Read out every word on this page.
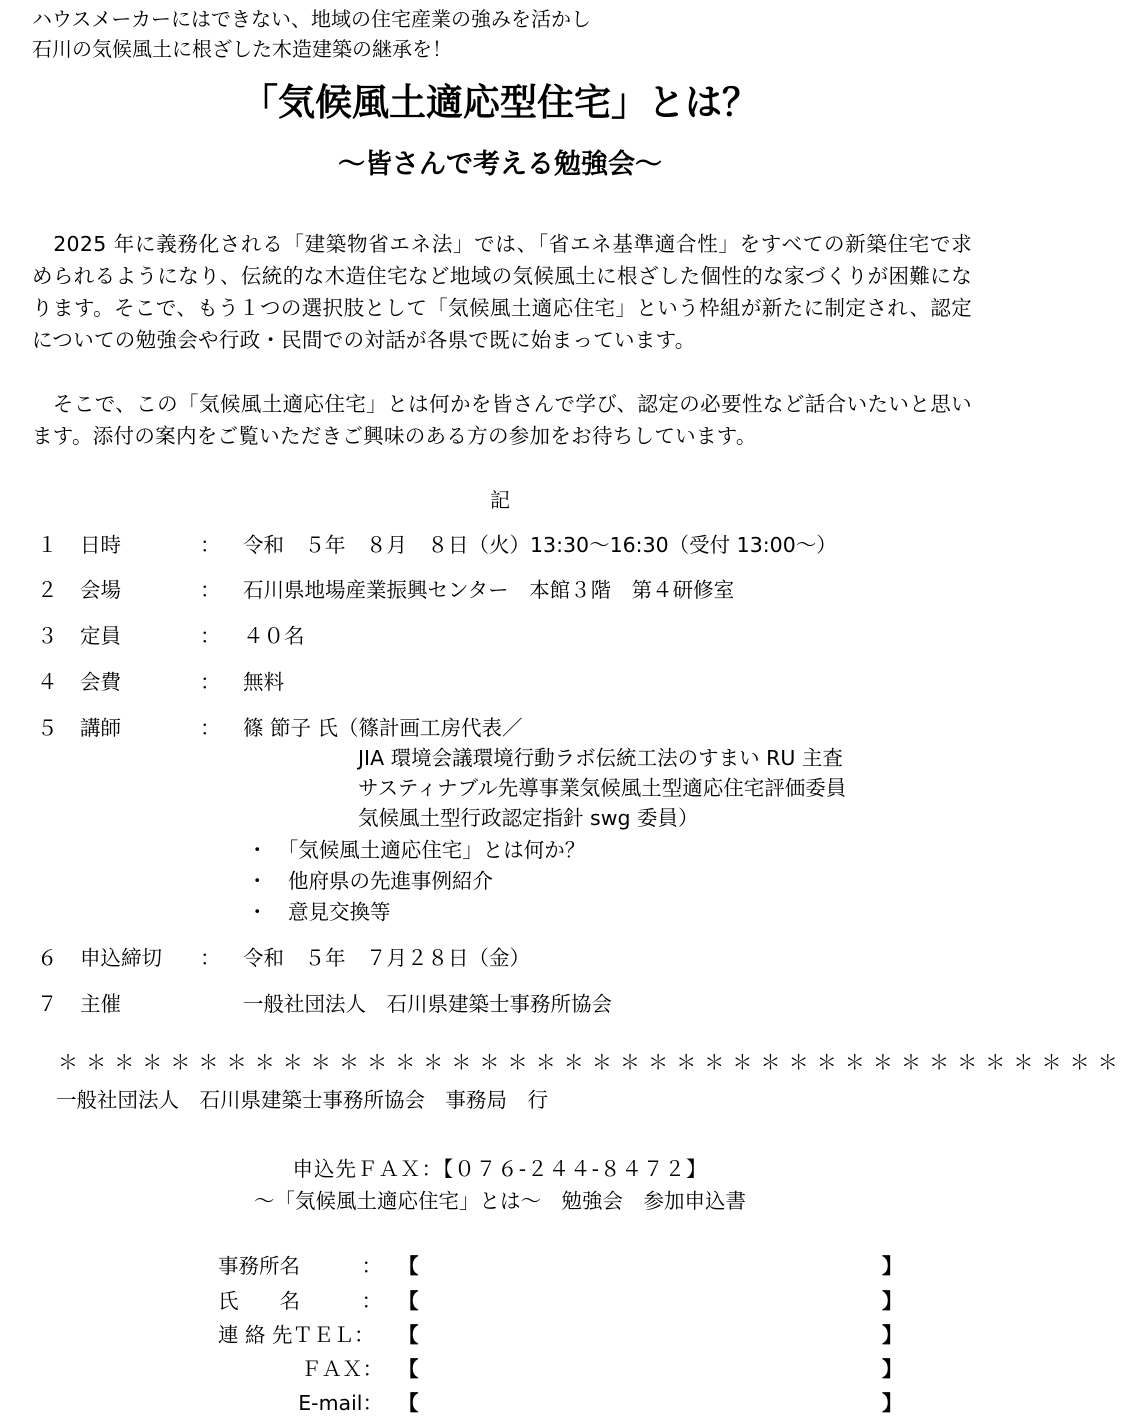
ハウスメーカーにはできない、地域の住宅産業の強みを活かし
石川の気候風土に根ざした木造建築の継承を！
「気候風土適応型住宅」とは？
～皆さんで考える勉強会～
　2025 年に義務化される「建築物省エネ法」では、「省エネ基準適合性」をすべての新築住宅で求められるようになり、伝統的な木造住宅など地域の気候風土に根ざした個性的な家づくりが困難になります。そこで、もう１つの選択肢として「気候風土適応住宅」という枠組が新たに制定され、認定についての勉強会や行政・民間での対話が各県で既に始まっています。
　そこで、この「気候風土適応住宅」とは何かを皆さんで学び、認定の必要性など話合いたいと思います。添付の案内をご覧いただきご興味のある方の参加をお待ちしています。
記
１ 日時	： 令和　５年　８月　８日（火）13:30～16:30（受付 13:00～）
２ 会場	： 石川県地場産業振興センター　本館３階　第４研修室
３ 定員	： ４０名
４ 会費	： 無料
５ 講師	： 篠 節子 氏（篠計画工房代表／
JIA 環境会議環境行動ラボ伝統工法のすまい RU 主査
サスティナブル先導事業気候風土型適応住宅評価委員
気候風土型行政認定指針 swg 委員）
・　「気候風土適応住宅」とは何か？
・　他府県の先進事例紹介
・　意見交換等
６ 申込締切 ： 令和　５年　７月２８日（金）
７ 主催	一般社団法人　石川県建築士事務所協会
＊＊＊＊＊＊＊＊＊＊＊＊＊＊＊＊＊＊＊＊＊＊＊＊＊＊＊＊＊＊＊＊＊＊＊＊＊＊
一般社団法人　石川県建築士事務所協会　事務局　行
申込先ＦＡＸ：【０７６-２４４-８４７２】
～「気候風土適応住宅」とは～　勉強会　参加申込書
事務所名　　　： 【	】
氏　　名　　　： 【	】
連 絡 先ＴＥＬ： 【	】
ＦＡＸ： 【	】
E-mail： 【	】
